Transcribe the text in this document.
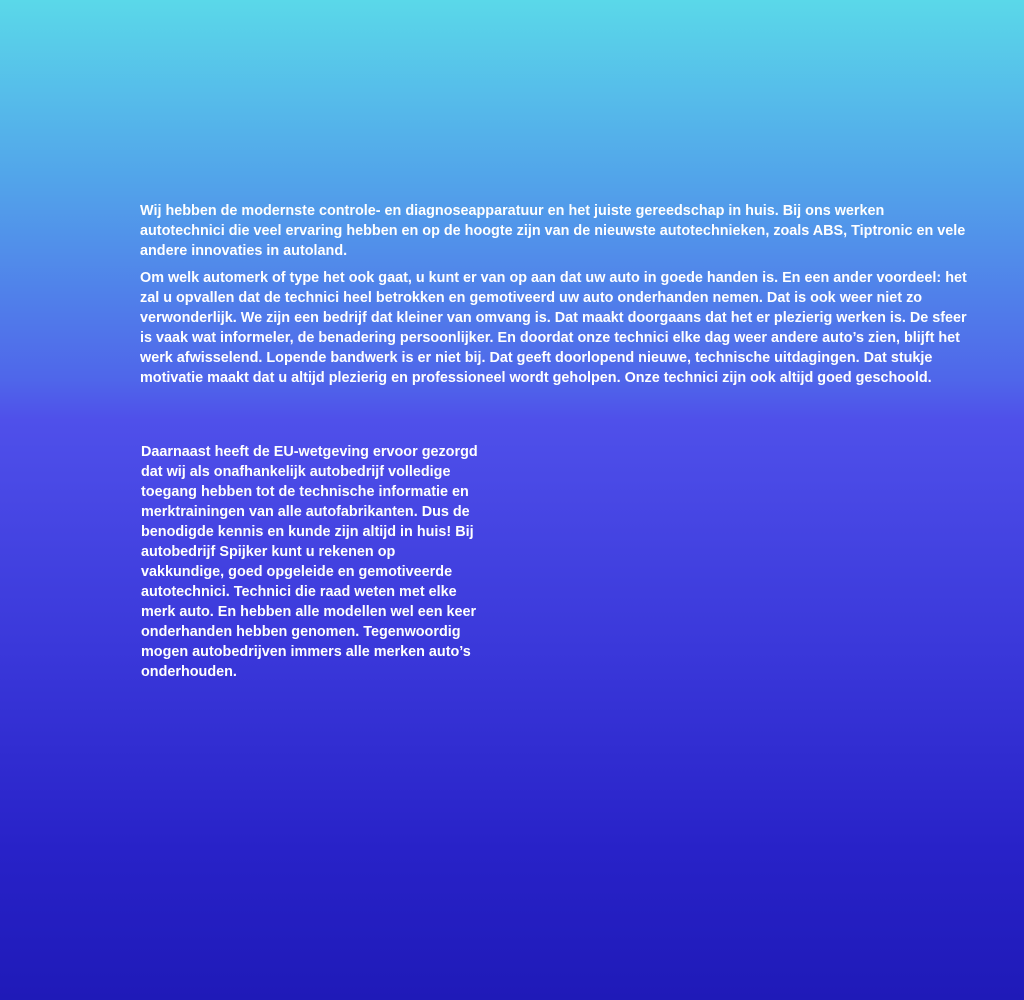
Wij hebben de modernste controle- en diagnoseapparatuur en het juiste gereedschap in huis. Bij ons werken autotechnici die veel ervaring hebben en op de hoogte zijn van de nieuwste autotechnieken, zoals ABS, Tiptronic en vele andere innovaties in autoland.

Om welk automerk of type het ook gaat, u kunt er van op aan dat uw auto in goede handen is. En een ander voordeel: het zal u opvallen dat de technici heel betrokken en gemotiveerd uw auto onderhanden nemen. Dat is ook weer niet zo verwonderlijk. We zijn een bedrijf dat kleiner van omvang is. Dat maakt doorgaans dat het er plezierig werken is. De sfeer is vaak wat informeler, de benadering persoonlijker. En doordat onze technici elke dag weer andere auto’s zien, blijft het werk afwisselend. Lopende bandwerk is er niet bij. Dat geeft doorlopend nieuwe, technische uitdagingen. Dat stukje motivatie maakt dat u altijd plezierig en professioneel wordt geholpen. Onze technici zijn ook altijd goed geschoold.

Daarnaast heeft de EU-wetgeving ervoor gezorgd dat wij als onafhankelijk autobedrijf volledige toegang hebben tot de technische informatie en merktrainingen van alle autofabrikanten. Dus de benodigde kennis en kunde zijn altijd in huis! Bij autobedrijf Spijker kunt u rekenen op vakkundige, goed opgeleide en gemotiveerde autotechnici. Technici die raad weten met elke merk auto. En hebben alle modellen wel een keer onderhanden hebben genomen. Tegenwoordig mogen autobedrijven immers alle merken auto’s onderhouden.
